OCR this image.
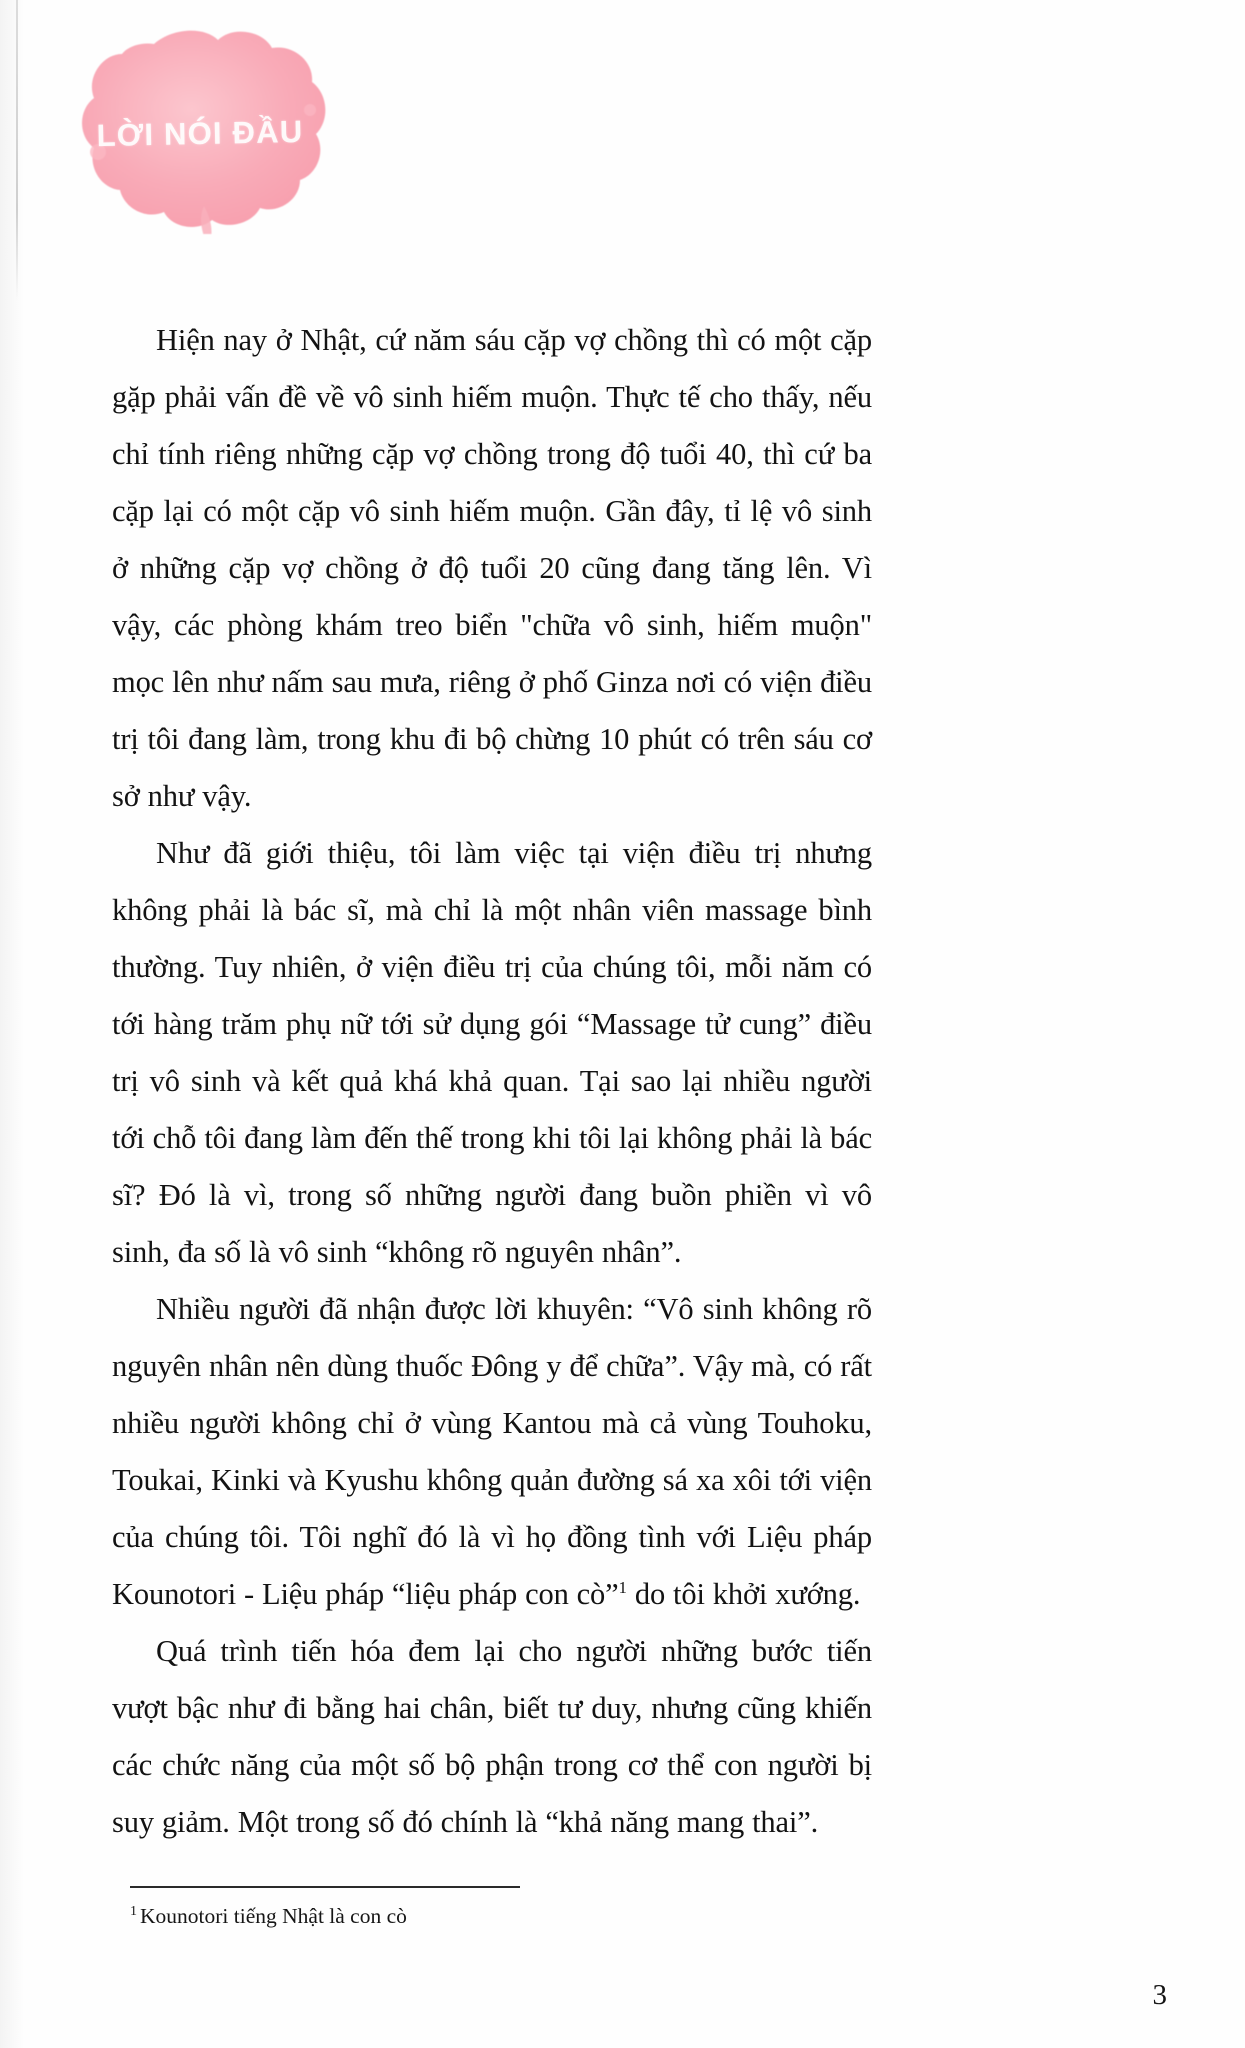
LỜI NÓI ĐẦU

Hiện nay ở Nhật, cứ năm sáu cặp vợ chồng thì có một cặp gặp phải vấn đề về vô sinh hiếm muộn. Thực tế cho thấy, nếu chỉ tính riêng những cặp vợ chồng trong độ tuổi 40, thì cứ ba cặp lại có một cặp vô sinh hiếm muộn. Gần đây, tỉ lệ vô sinh ở những cặp vợ chồng ở độ tuổi 20 cũng đang tăng lên. Vì vậy, các phòng khám treo biển "chữa vô sinh, hiếm muộn" mọc lên như nấm sau mưa, riêng ở phố Ginza nơi có viện điều trị tôi đang làm, trong khu đi bộ chừng 10 phút có trên sáu cơ sở như vậy.

Như đã giới thiệu, tôi làm việc tại viện điều trị nhưng không phải là bác sĩ, mà chỉ là một nhân viên massage bình thường. Tuy nhiên, ở viện điều trị của chúng tôi, mỗi năm có tới hàng trăm phụ nữ tới sử dụng gói “Massage tử cung” điều trị vô sinh và kết quả khá khả quan. Tại sao lại nhiều người tới chỗ tôi đang làm đến thế trong khi tôi lại không phải là bác sĩ? Đó là vì, trong số những người đang buồn phiền vì vô sinh, đa số là vô sinh “không rõ nguyên nhân”.

Nhiều người đã nhận được lời khuyên: “Vô sinh không rõ nguyên nhân nên dùng thuốc Đông y để chữa”. Vậy mà, có rất nhiều người không chỉ ở vùng Kantou mà cả vùng Touhoku, Toukai, Kinki và Kyushu không quản đường sá xa xôi tới viện của chúng tôi. Tôi nghĩ đó là vì họ đồng tình với Liệu pháp Kounotori - Liệu pháp “liệu pháp con cò”$^1$ do tôi khởi xướng.

Quá trình tiến hóa đem lại cho người những bước tiến vượt bậc như đi bằng hai chân, biết tư duy, nhưng cũng khiến các chức năng của một số bộ phận trong cơ thể con người bị suy giảm. Một trong số đó chính là “khả năng mang thai”.

$^1$ Kounotori tiếng Nhật là con cò
3
